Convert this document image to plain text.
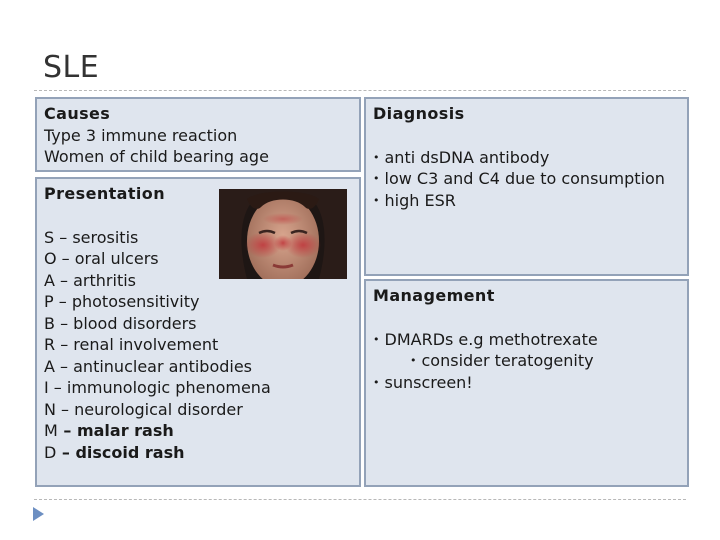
SLE
Causes
Type 3 immune reaction
Women of child bearing age
Presentation
S – serositis
O – oral ulcers
A – arthritis
P – photosensitivity
B – blood disorders
R – renal involvement
A – antinuclear antibodies
I – immunologic phenomena
N – neurological disorder
M – malar rash
D – discoid rash
Diagnosis
• anti dsDNA antibody
• low C3 and C4 due to consumption
• high ESR
Management
• DMARDs e.g methotrexate
• consider teratogenity
• sunscreen!
